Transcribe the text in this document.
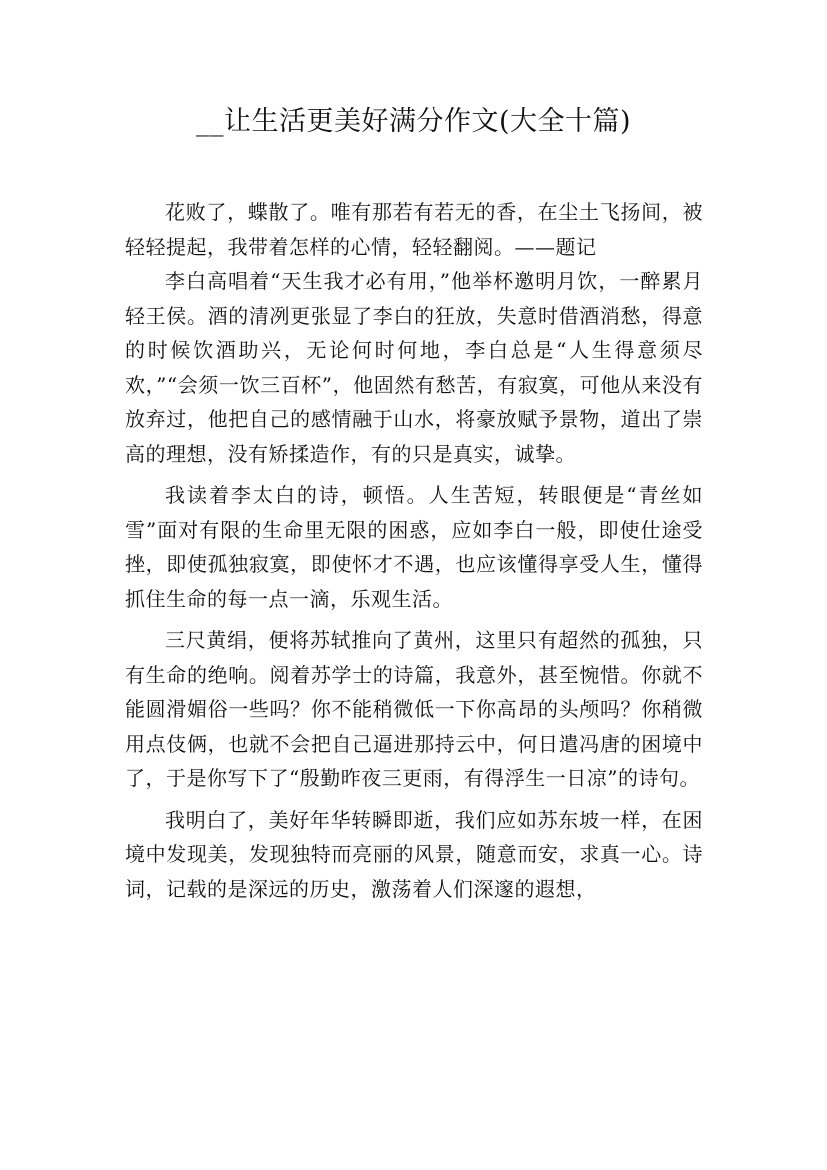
__让生活更美好满分作文(大全十篇)

花败了，蝶散了。唯有那若有若无的香，在尘土飞扬间，被轻轻提起，我带着怎样的心情，轻轻翻阅。——题记

李白高唱着“天生我才必有用，”他举杯邀明月饮，一醉累月轻王侯。酒的清冽更张显了李白的狂放，失意时借酒消愁，得意的时候饮酒助兴，无论何时何地，李白总是“人生得意须尽欢，”“会须一饮三百杯”，他固然有愁苦，有寂寞，可他从来没有放弃过，他把自己的感情融于山水，将豪放赋予景物，道出了崇高的理想，没有矫揉造作，有的只是真实，诚挚。

我读着李太白的诗，顿悟。人生苦短，转眼便是“青丝如雪”面对有限的生命里无限的困惑，应如李白一般，即使仕途受挫，即使孤独寂寞，即使怀才不遇，也应该懂得享受人生，懂得抓住生命的每一点一滴，乐观生活。

三尺黄绢，便将苏轼推向了黄州，这里只有超然的孤独，只有生命的绝响。阅着苏学士的诗篇，我意外，甚至惋惜。你就不能圆滑媚俗一些吗？你不能稍微低一下你高昂的头颅吗？你稍微用点伎俩，也就不会把自己逼进那持云中，何日遣冯唐的困境中了，于是你写下了“殷勤昨夜三更雨，有得浮生一日凉”的诗句。

我明白了，美好年华转瞬即逝，我们应如苏东坡一样，在困境中发现美，发现独特而亮丽的风景，随意而安，求真一心。诗词，记载的是深远的历史，激荡着人们深邃的遐想，
